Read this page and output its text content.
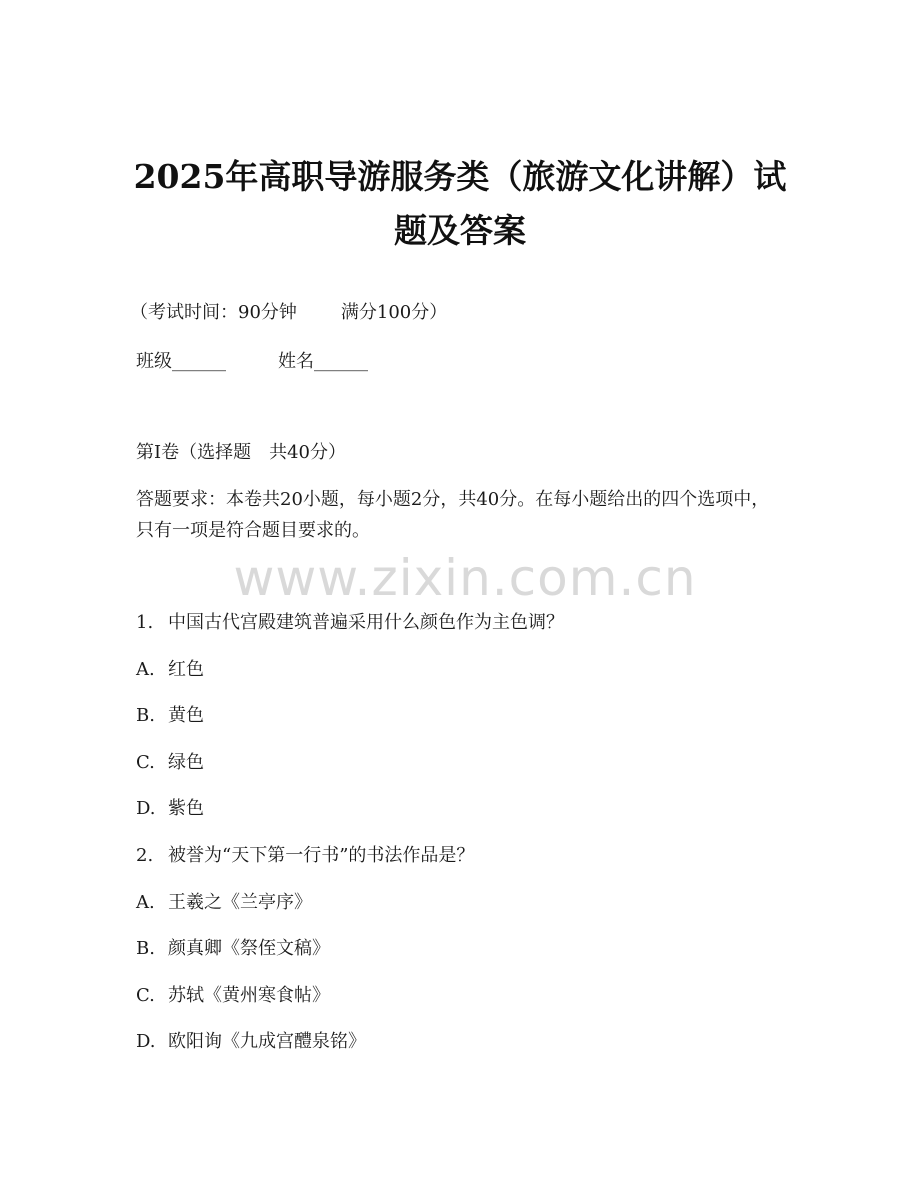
2025年高职导游服务类（旅游文化讲解）试
题及答案
（考试时间：90分钟 满分100分）
班级______	姓名______
第Ⅰ卷（选择题　共40分）
答题要求：本卷共20小题，每小题2分，共40分。在每小题给出的四个选项中，只有一项是符合题目要求的。
www.zixin.com.cn
1. 中国古代宫殿建筑普遍采用什么颜色作为主色调？
A. 红色
B. 黄色
C. 绿色
D. 紫色
2. 被誉为“天下第一行书”的书法作品是？
A. 王羲之《兰亭序》
B. 颜真卿《祭侄文稿》
C. 苏轼《黄州寒食帖》
D. 欧阳询《九成宫醴泉铭》
